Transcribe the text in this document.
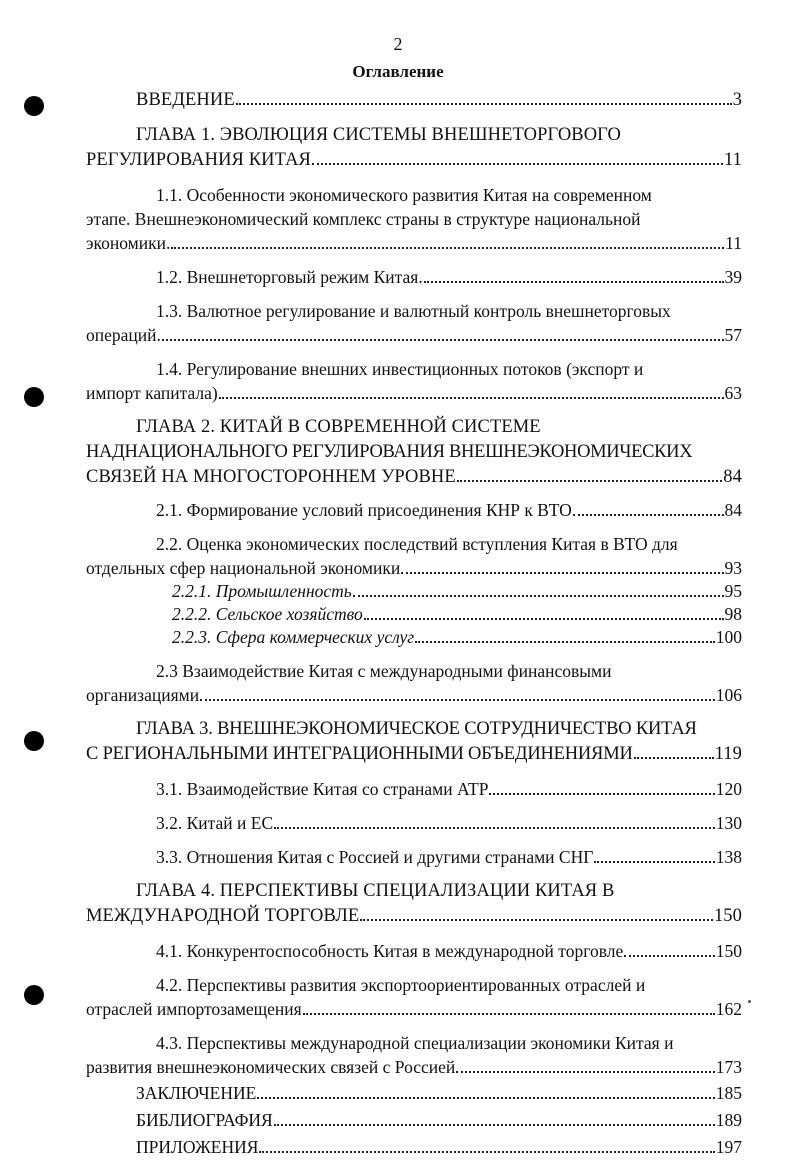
2
Оглавление
ВВЕДЕНИЕ	3
ГЛАВА 1. ЭВОЛЮЦИЯ СИСТЕМЫ ВНЕШНЕТОРГОВОГО
РЕГУЛИРОВАНИЯ КИТАЯ	11
1.1. Особенности экономического развития Китая на современном
этапе. Внешнеэкономический комплекс страны в структуре национальной
экономики.	11
1.2. Внешнеторговый режим Китая.	39
1.3. Валютное регулирование и валютный контроль внешнеторговых
операций.	57
1.4. Регулирование внешних инвестиционных потоков (экспорт и
импорт капитала)	63
ГЛАВА 2. КИТАЙ В СОВРЕМЕННОЙ СИСТЕМЕ
НАДНАЦИОНАЛЬНОГО РЕГУЛИРОВАНИЯ ВНЕШНЕЭКОНОМИЧЕСКИХ
СВЯЗЕЙ НА МНОГОСТОРОННЕМ УРОВНЕ	84
2.1. Формирование условий присоединения КНР к ВТО	84
2.2. Оценка экономических последствий вступления Китая в ВТО для
отдельных сфер национальной экономики	93
2.2.1. Промышленность	95
2.2.2. Сельское хозяйство	98
2.2.3. Сфера коммерческих услуг	100
2.3 Взаимодействие Китая с международными финансовыми
организациями	106
ГЛАВА 3. ВНЕШНЕЭКОНОМИЧЕСКОЕ СОТРУДНИЧЕСТВО КИТАЯ
С РЕГИОНАЛЬНЫМИ ИНТЕГРАЦИОННЫМИ ОБЪЕДИНЕНИЯМИ	119
3.1. Взаимодействие Китая со странами АТР	120
3.2. Китай и ЕС	130
3.3. Отношения Китая с Россией и другими странами СНГ	138
ГЛАВА 4. ПЕРСПЕКТИВЫ СПЕЦИАЛИЗАЦИИ КИТАЯ В
МЕЖДУНАРОДНОЙ ТОРГОВЛЕ	150
4.1. Конкурентоспособность Китая в международной торговле	150
4.2. Перспективы развития экспортоориентированных отраслей и
отраслей импортозамещения	162
4.3. Перспективы международной специализации экономики Китая и
развития внешнеэкономических связей с Россией	173
ЗАКЛЮЧЕНИЕ	185
БИБЛИОГРАФИЯ	189
ПРИЛОЖЕНИЯ	197
